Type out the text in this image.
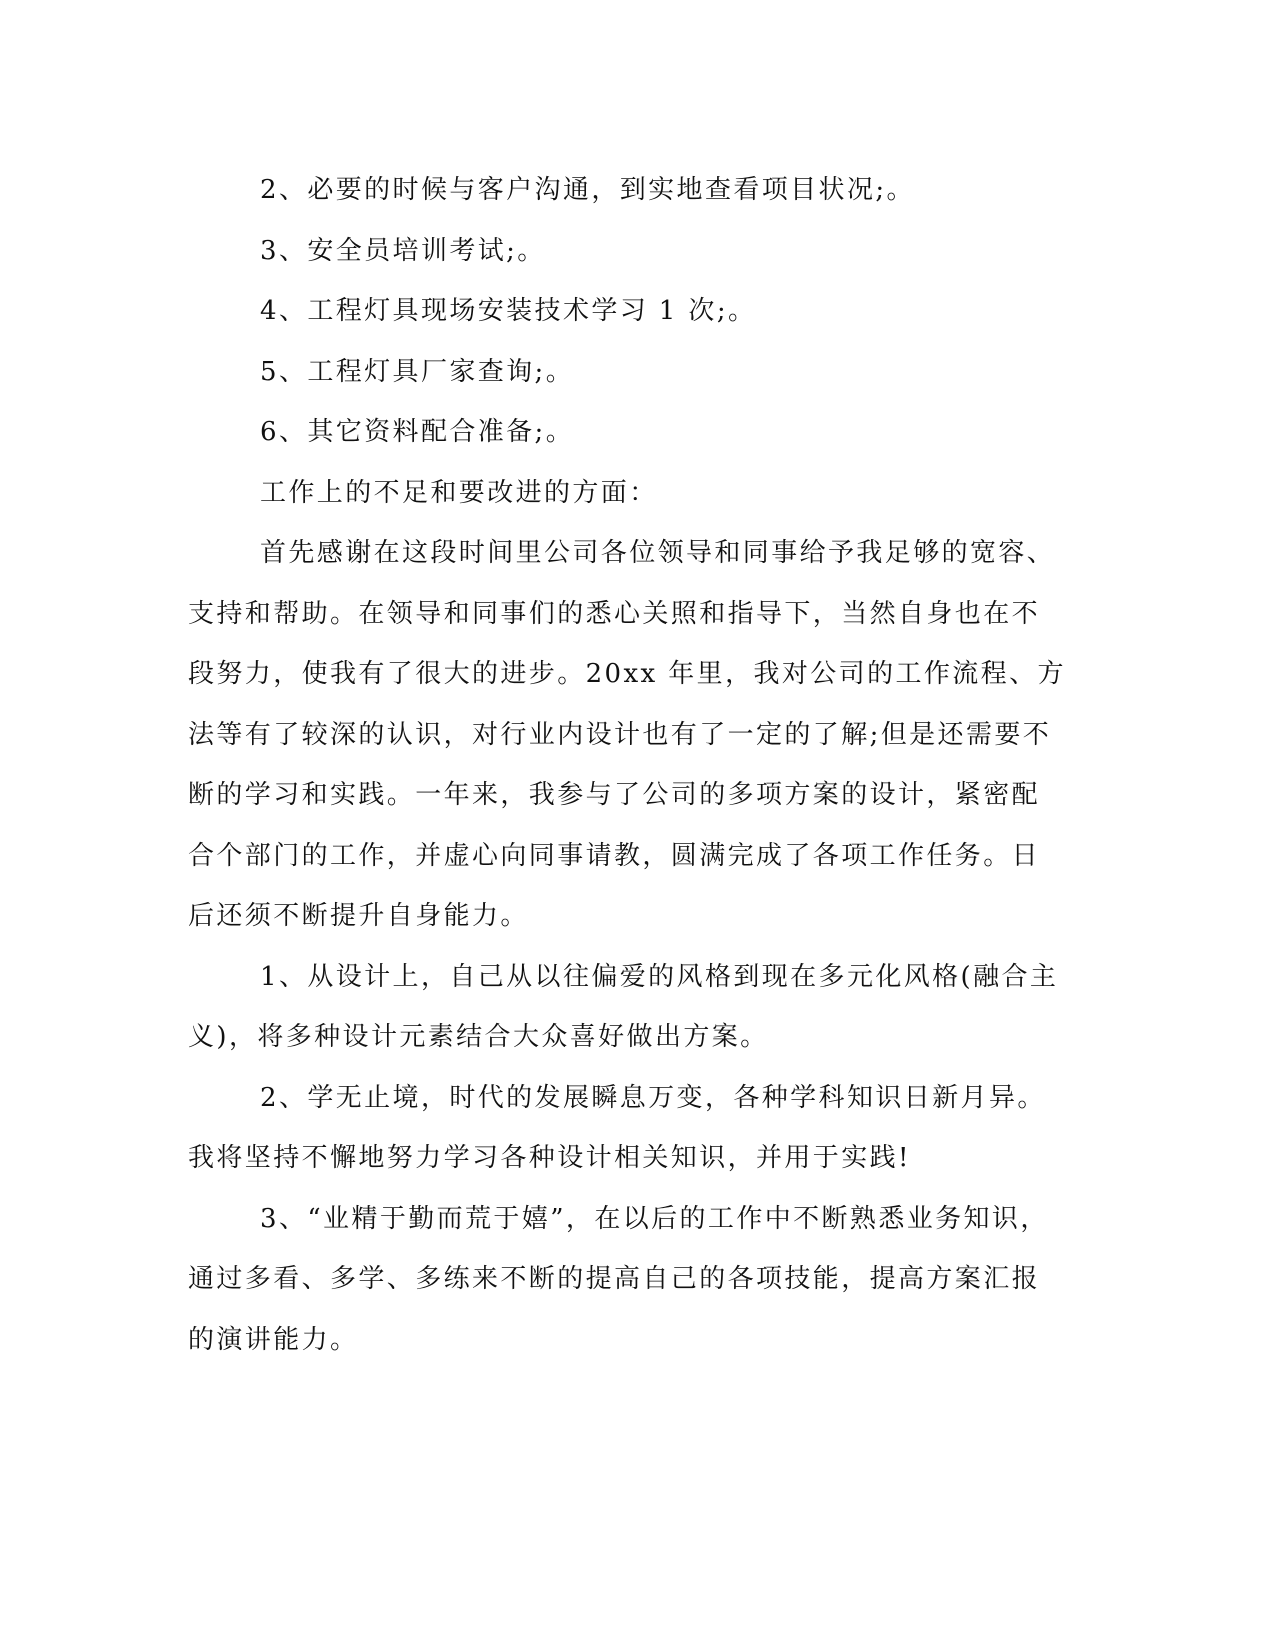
2、必要的时候与客户沟通，到实地查看项目状况;。

3、安全员培训考试;。

4、工程灯具现场安装技术学习 1 次;。

5、工程灯具厂家查询;。

6、其它资料配合准备;。

工作上的不足和要改进的方面：

首先感谢在这段时间里公司各位领导和同事给予我足够的宽容、

支持和帮助。在领导和同事们的悉心关照和指导下，当然自身也在不

段努力，使我有了很大的进步。20xx 年里，我对公司的工作流程、方

法等有了较深的认识，对行业内设计也有了一定的了解;但是还需要不

断的学习和实践。一年来，我参与了公司的多项方案的设计，紧密配

合个部门的工作，并虚心向同事请教，圆满完成了各项工作任务。日

后还须不断提升自身能力。

1、从设计上，自己从以往偏爱的风格到现在多元化风格(融合主

义)，将多种设计元素结合大众喜好做出方案。

2、学无止境，时代的发展瞬息万变，各种学科知识日新月异。

我将坚持不懈地努力学习各种设计相关知识，并用于实践!

3、“业精于勤而荒于嬉”，在以后的工作中不断熟悉业务知识，

通过多看、多学、多练来不断的提高自己的各项技能，提高方案汇报

的演讲能力。
